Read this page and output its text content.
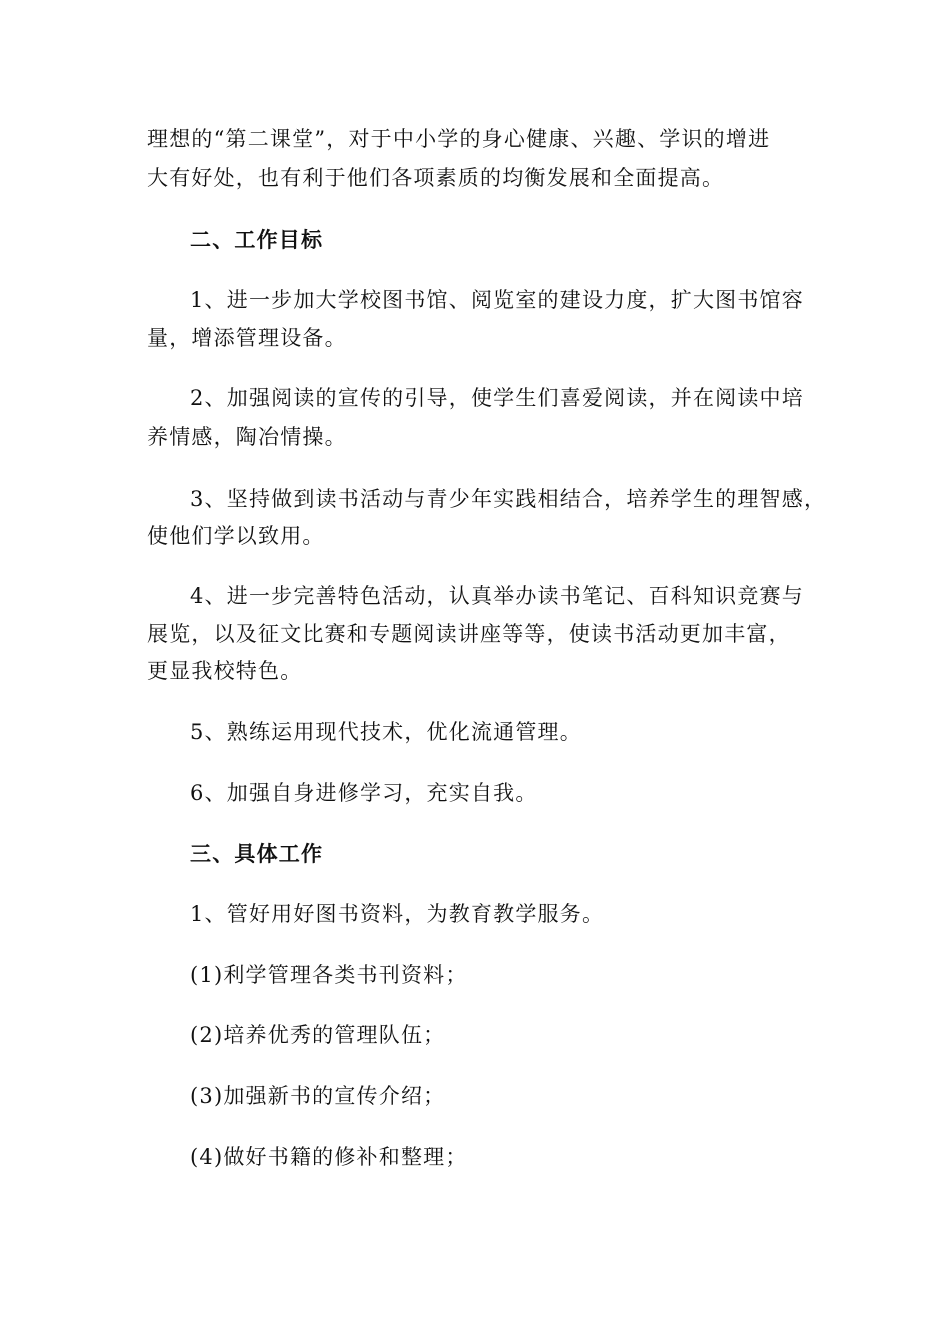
理想的“第二课堂”，对于中小学的身心健康、兴趣、学识的增进
大有好处，也有利于他们各项素质的均衡发展和全面提高。
二、工作目标
1、进一步加大学校图书馆、阅览室的建设力度，扩大图书馆容
量，增添管理设备。
2、加强阅读的宣传的引导，使学生们喜爱阅读，并在阅读中培
养情感，陶冶情操。
3、坚持做到读书活动与青少年实践相结合，培养学生的理智感，
使他们学以致用。
4、进一步完善特色活动，认真举办读书笔记、百科知识竞赛与
展览，以及征文比赛和专题阅读讲座等等，使读书活动更加丰富，
更显我校特色。
5、熟练运用现代技术，优化流通管理。
6、加强自身进修学习，充实自我。
三、具体工作
1、管好用好图书资料，为教育教学服务。
(1)利学管理各类书刊资料；
(2)培养优秀的管理队伍；
(3)加强新书的宣传介绍；
(4)做好书籍的修补和整理；
